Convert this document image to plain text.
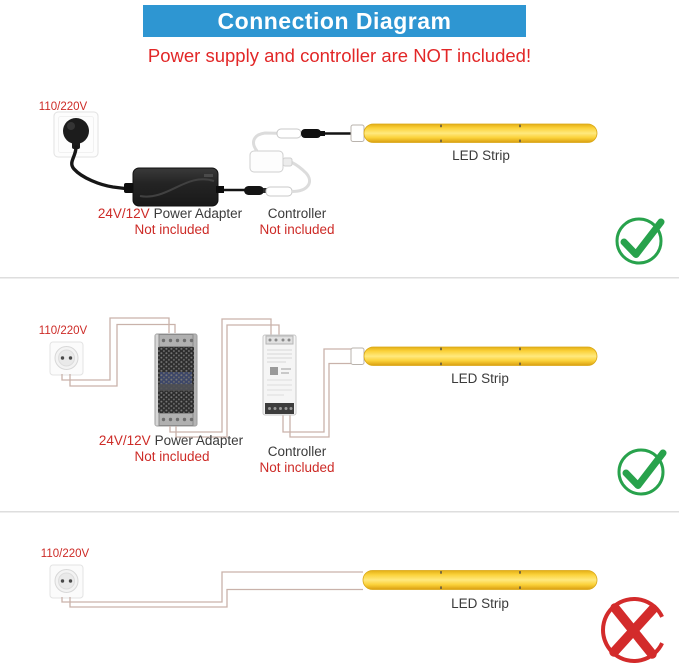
Connection Diagram
Power supply and controller are NOT included!
110/220V
24V/12V Power Adapter
Not included
Controller
Not included
LED Strip
110/220V
24V/12V Power Adapter
Not included	Controller
Not included
LED Strip
110/220V
LED Strip
